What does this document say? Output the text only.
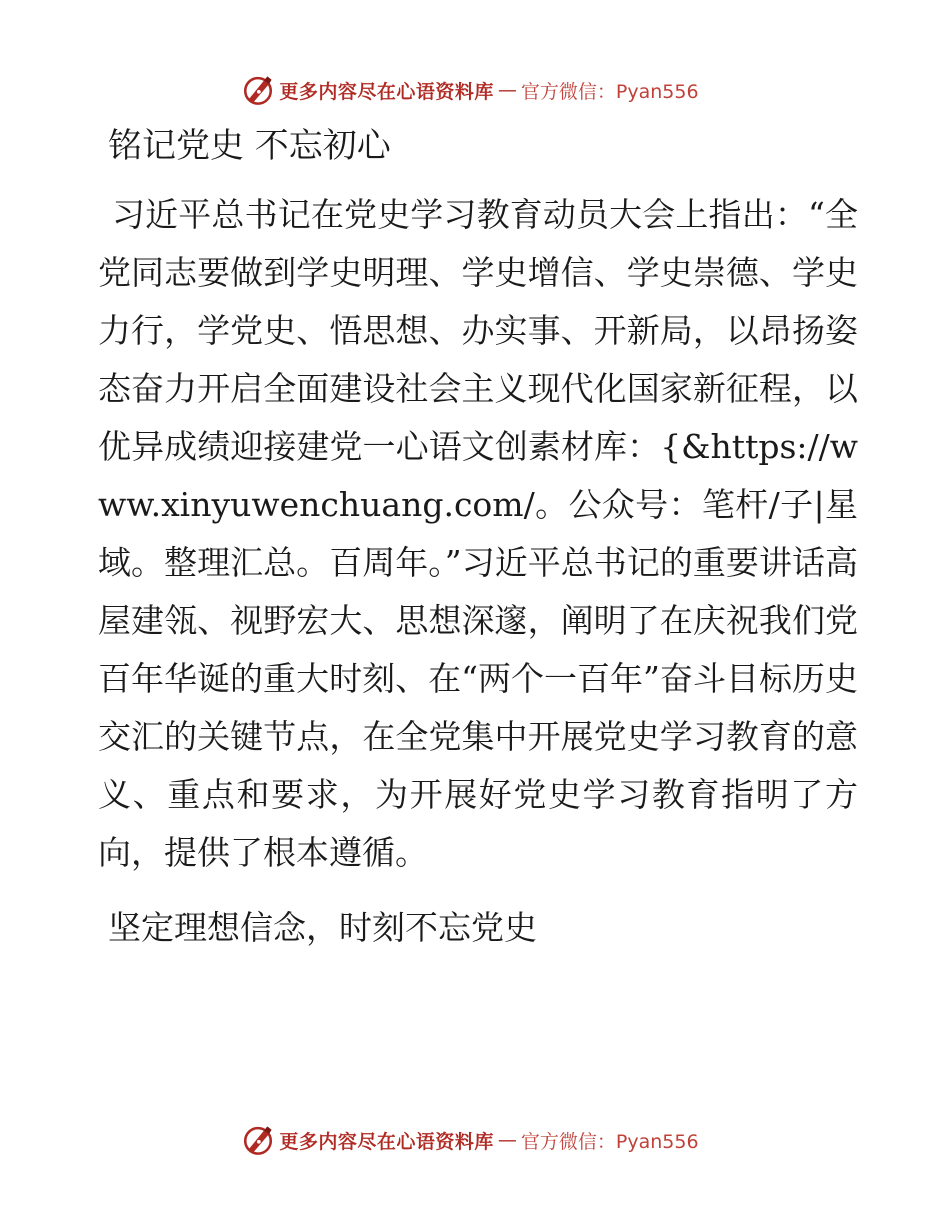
更多内容尽在心语资料库 — 官方微信：Pyan556
铭记党史 不忘初心

习近平总书记在党史学习教育动员大会上指出：“全党同志要做到学史明理、学史增信、学史崇德、学史力行，学党史、悟思想、办实事、开新局，以昂扬姿态奋力开启全面建设社会主义现代化国家新征程，以优异成绩迎接建党一心语文创素材库：{&https://www.xinyuwenchuang.com/。公众号：笔杆/子|星域。整理汇总。百周年。”习近平总书记的重要讲话高屋建瓴、视野宏大、思想深邃，阐明了在庆祝我们党百年华诞的重大时刻、在“两个一百年”奋斗目标历史交汇的关键节点，在全党集中开展党史学习教育的意义、重点和要求，为开展好党史学习教育指明了方向，提供了根本遵循。

坚定理想信念，时刻不忘党史
更多内容尽在心语资料库 — 官方微信：Pyan556
